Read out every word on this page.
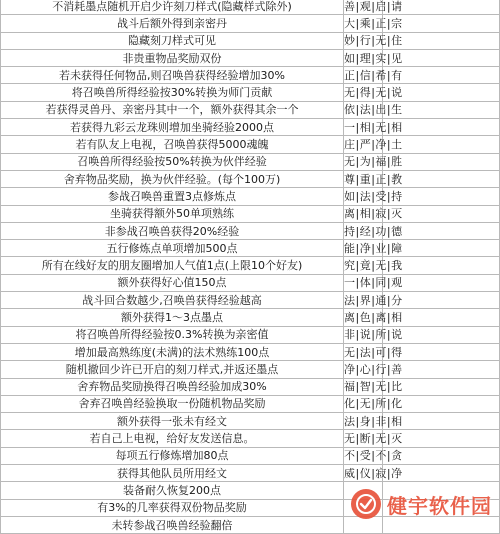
不消耗墨点随机开启少许刻刀样式(隐藏样式除外)	善|观|启|请	
战斗后额外得到亲密丹	大|乘|正|宗	
隐藏刻刀样式可见	妙|行|无|住	
非贵重物品奖励双份	如|理|实|见	
若未获得任何物品,则召唤兽获得经验增加30%	正|信|希|有	
将召唤兽所得经验按30%转换为师门贡献	无|得|无|说	
若获得灵兽丹、亲密丹其中一个，额外获得其余一个	依|法|出|生	
若获得九彩云龙珠则增加坐骑经验2000点	一|相|无|相	
若有队友上电视，召唤兽获得5000魂魄	庄|严|净|土	
召唤兽所得经验按50%转换为伙伴经验	无|为|福|胜	
舍弃物品奖励，换为伙伴经验。(每个100万)	尊|重|正|教	
参战召唤兽重置3点修炼点	如|法|受|持	
坐骑获得额外50单项熟练	离|相|寂|灭	
非参战召唤兽获得20%经验	持|经|功|德	
五行修炼点单项增加500点	能|净|业|障	
所有在线好友的朋友圈增加人气值1点(上限10个好友)	究|竟|无|我	
额外获得好心值150点	一|体|同|观	
战斗回合数越少,召唤兽获得经验越高	法|界|通|分	
额外获得1～3点墨点	离|色|离|相	
将召唤兽所得经验按0.3%转换为亲密值	非|说|所|说	
增加最高熟练度(未满)的法术熟练100点	无|法|可|得	
随机撤回少许已开启的刻刀样式,并返还墨点	净|心|行|善	
舍弃物品奖励换得召唤兽经验加成30%	福|智|无|比	
舍弃召唤兽经验换取一份随机物品奖励	化|无|所|化	
额外获得一张未有经文	法|身|非|相	
若自己上电视，给好友发送信息。	无|断|无|灭	
每项五行修炼增加80点	不|受|不|贪	
获得其他队员所用经文	威|仪|寂|净	
装备耐久恢复200点		
有3%的几率获得双份物品奖励		
未转参战召唤兽经验翻倍		
健宇软件园
